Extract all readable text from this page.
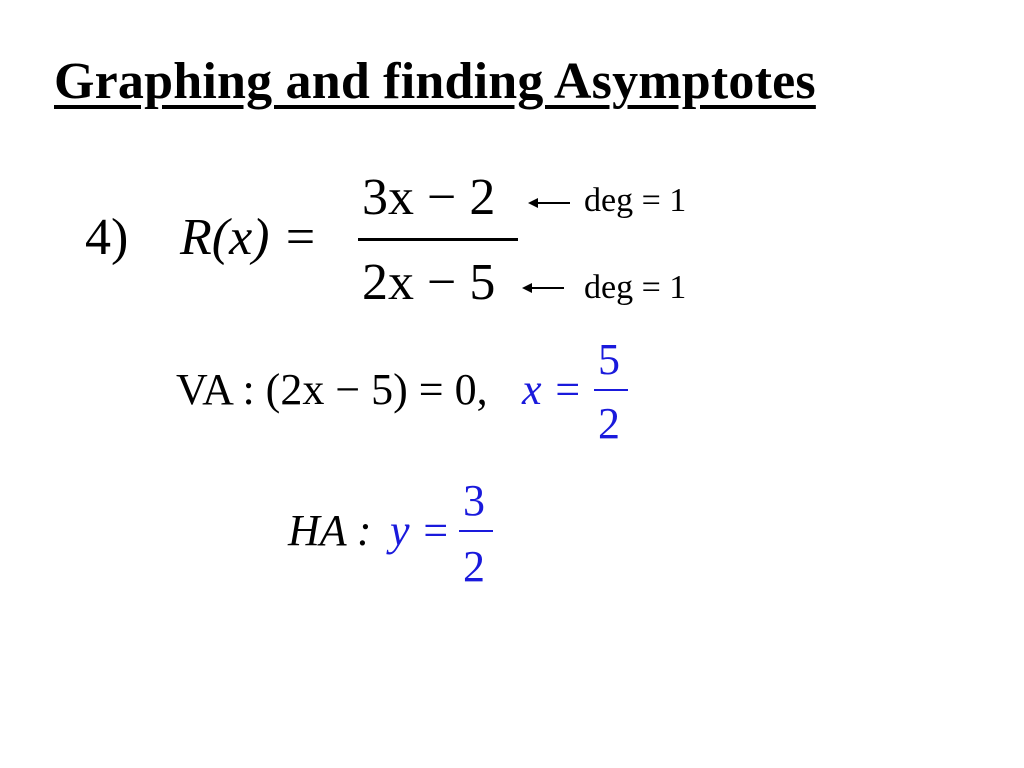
Graphing and finding Asymptotes
4) R(x) =
3x − 2
2x − 5
deg = 1
deg = 1
VA : (2x − 5) = 0, x =
5
2
HA : y =
3
2
